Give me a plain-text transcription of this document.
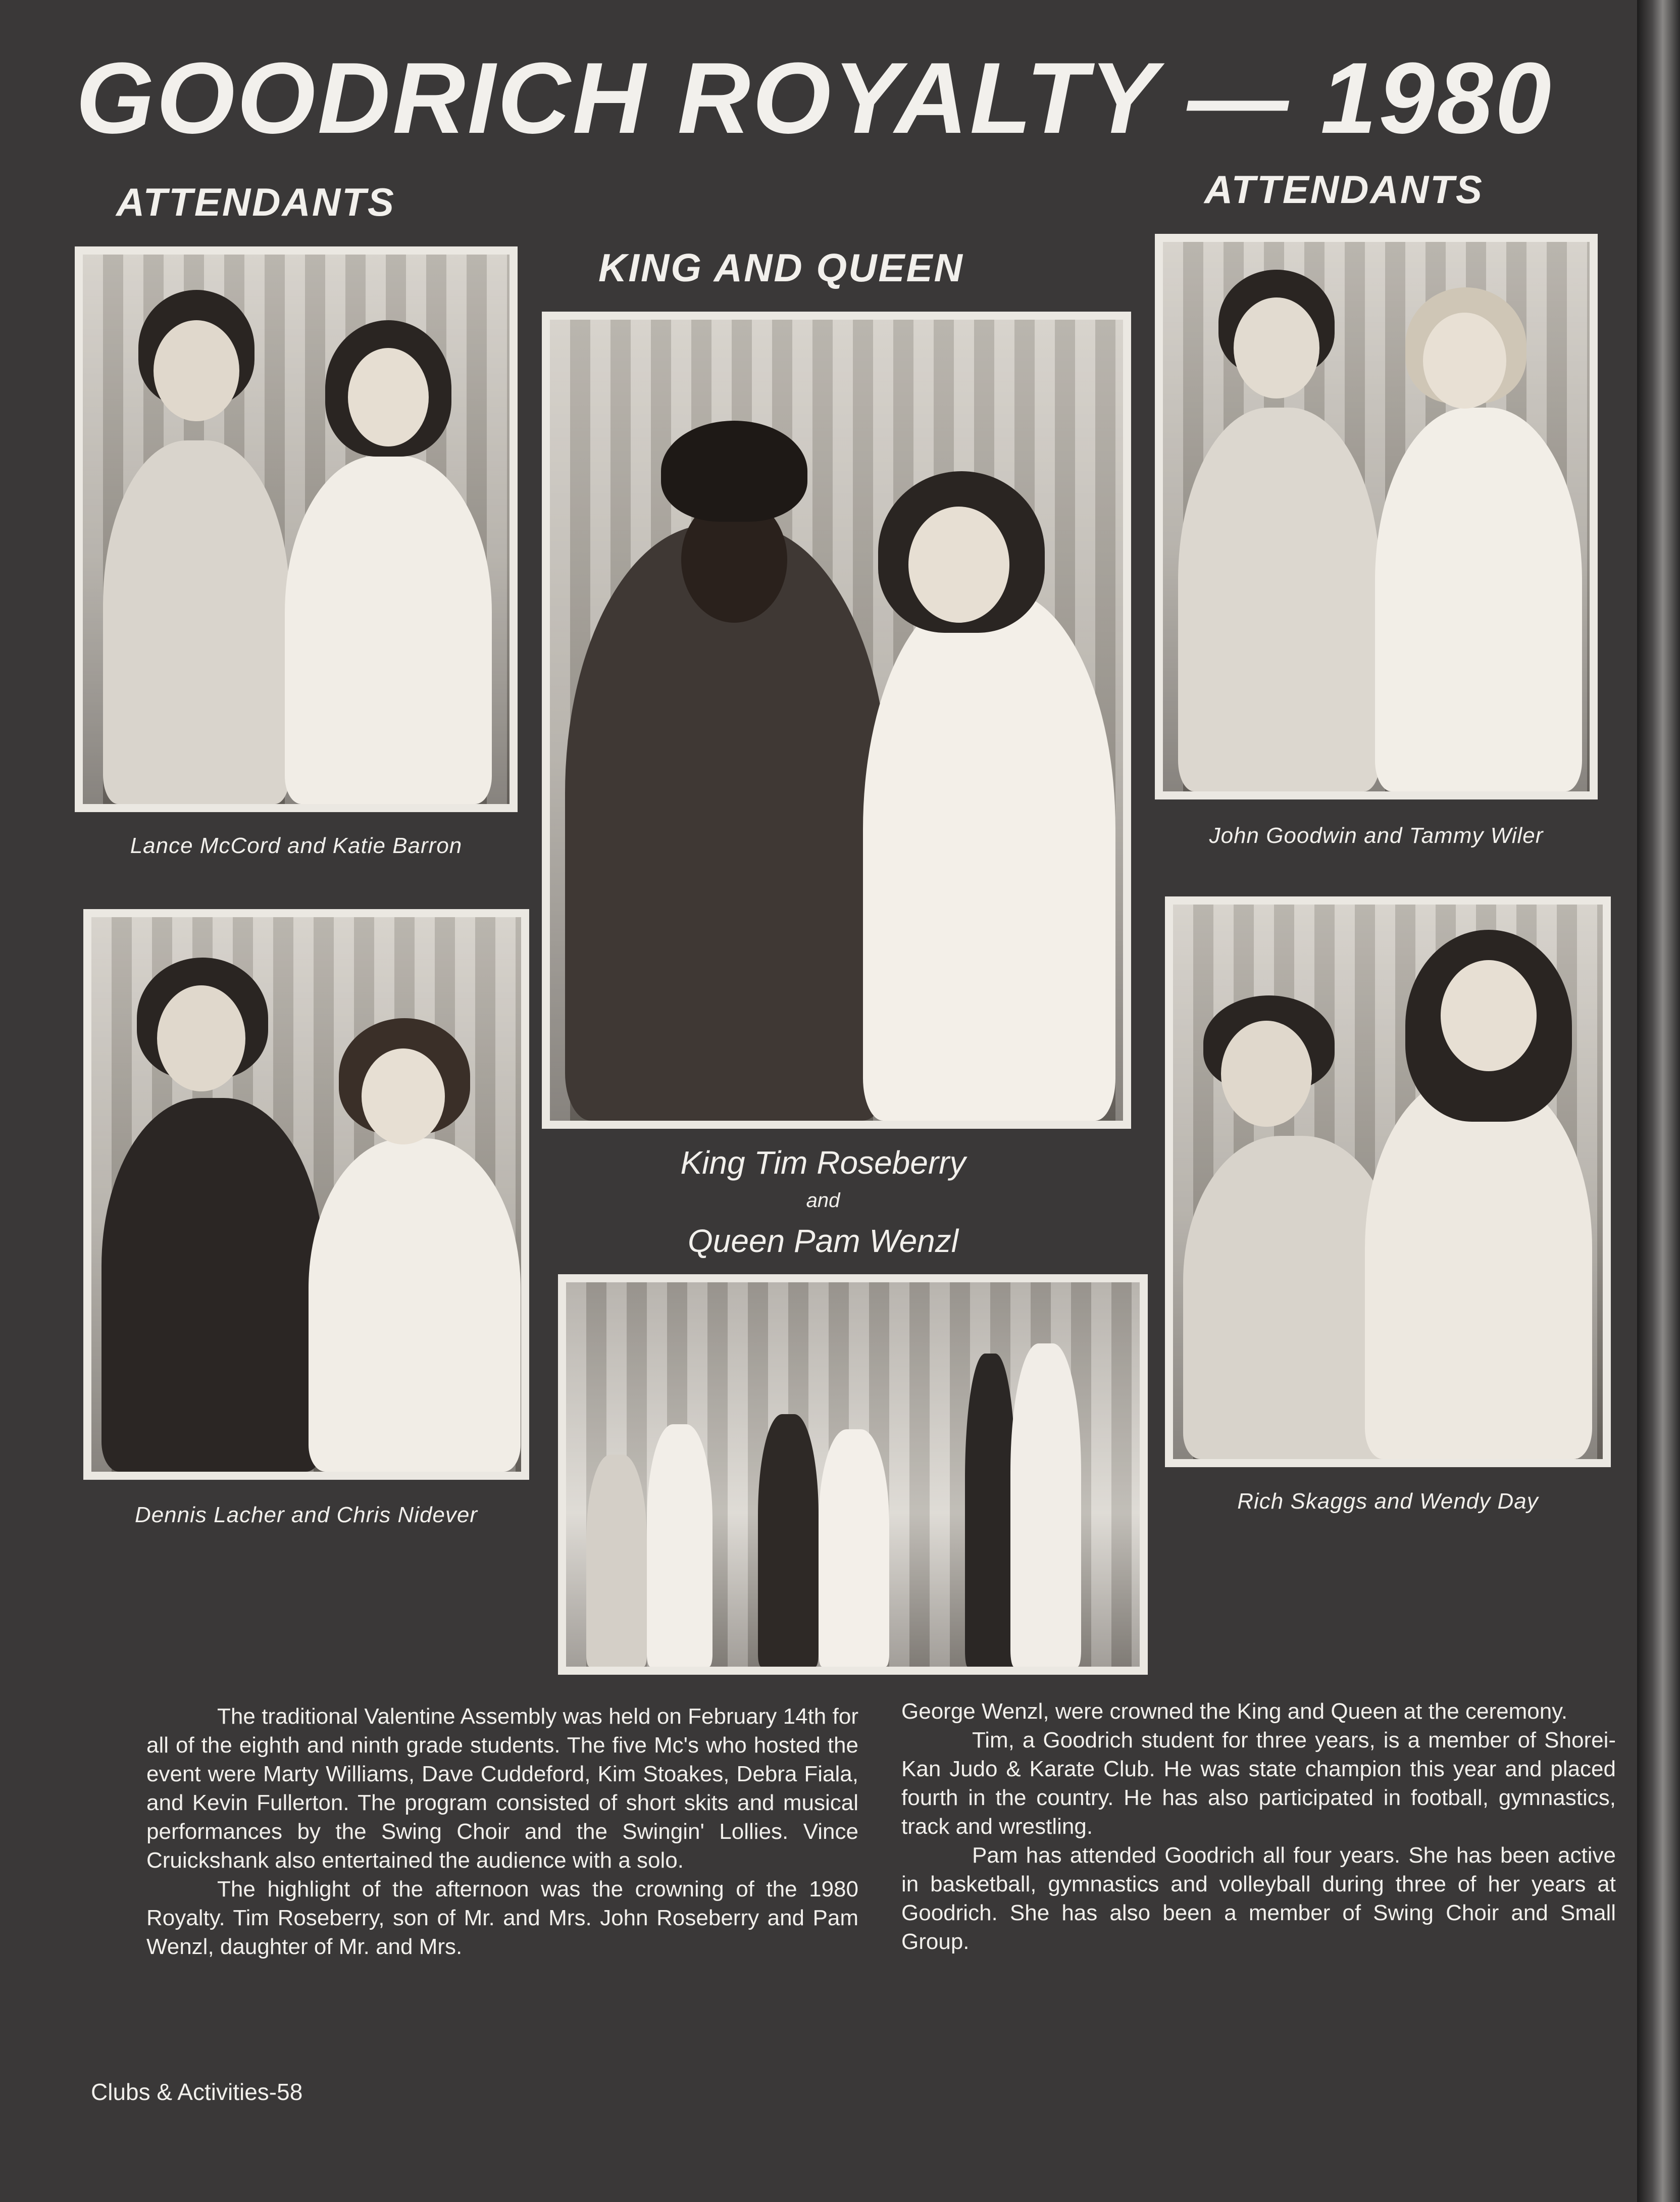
GOODRICH ROYALTY — 1980
ATTENDANTS	ATTENDANTS
KING AND QUEEN
Lance McCord and Katie Barron	John Goodwin and Tammy Wiler
King Tim Roseberry
and
Queen Pam Wenzl
Dennis Lacher and Chris Nidever
Rich Skaggs and Wendy Day

The traditional Valentine Assembly was held on February 14th for all of the eighth and ninth grade students. The five Mc's who hosted the event were Marty Williams, Dave Cuddeford, Kim Stoakes, Debra Fiala, and Kevin Fullerton. The program consisted of short skits and musical performances by the Swing Choir and the Swingin' Lollies. Vince Cruickshank also entertained the audience with a solo.

The highlight of the afternoon was the crowning of the 1980 Royalty. Tim Roseberry, son of Mr. and Mrs. John Roseberry and Pam Wenzl, daughter of Mr. and Mrs.

George Wenzl, were crowned the King and Queen at the ceremony.

Tim, a Goodrich student for three years, is a member of Shorei-Kan Judo & Karate Club. He was state champion this year and placed fourth in the country. He has also participated in football, gymnastics, track and wrestling.

Pam has attended Goodrich all four years. She has been active in basketball, gymnastics and volleyball during three of her years at Goodrich. She has also been a member of Swing Choir and Small Group.

Clubs & Activities-58
